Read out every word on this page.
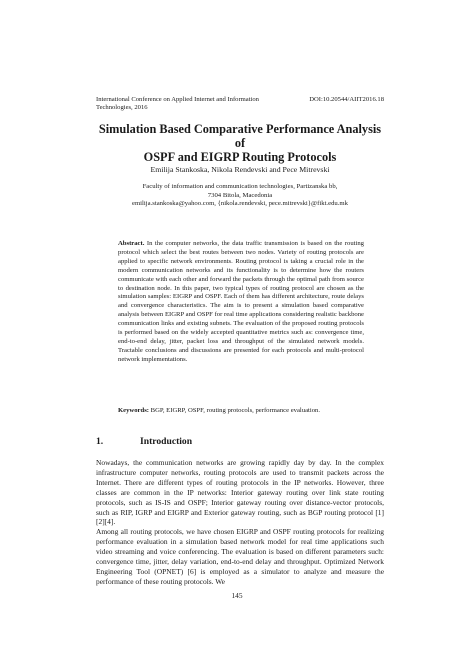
International Conference on Applied Internet and Information Technologies, 2016
DOI:10.20544/AIIT2016.18
Simulation Based Comparative Performance Analysis of
OSPF and EIGRP Routing Protocols
Emilija Stankoska, Nikola Rendevski and Pece Mitrevski
Faculty of information and communication technologies, Partizanska bb,
7304 Bitola, Macedonia
emilija.stankoska@yahoo.com, {nikola.rendevski, pece.mitrevski}@fikt.edu.mk
Abstract. In the computer networks, the data traffic transmission is based on the routing protocol which select the best routes between two nodes. Variety of routing protocols are applied to specific network environments. Routing protocol is taking a crucial role in the modern communication networks and its functionality is to determine how the routers communicate with each other and forward the packets through the optimal path from source to destination node. In this paper, two typical types of routing protocol are chosen as the simulation samples: EIGRP and OSPF. Each of them has different architecture, route delays and convergence characteristics. The aim is to present a simulation based comparative analysis between EIGRP and OSPF for real time applications considering realistic backbone communication links and existing subnets. The evaluation of the proposed routing protocols is performed based on the widely accepted quantitative metrics such as: convergence time, end-to-end delay, jitter, packet loss and throughput of the simulated network models. Tractable conclusions and discussions are presented for each protocols and multi-protocol network implementations.
Keywords: BGP, EIGRP, OSPF, routing protocols, performance evaluation.
1.	Introduction

Nowadays, the communication networks are growing rapidly day by day. In the complex infrastructure computer networks, routing protocols are used to transmit packets across the Internet. There are different types of routing protocols in the IP networks. However, three classes are common in the IP networks: Interior gateway routing over link state routing protocols, such as IS-IS and OSPF; Interior gateway routing over distance-vector protocols, such as RIP, IGRP and EIGRP and Exterior gateway routing, such as BGP routing protocol [1][2][4].

Among all routing protocols, we have chosen EIGRP and OSPF routing protocols for realizing performance evaluation in a simulation based network model for real time applications such video streaming and voice conferencing. The evaluation is based on different parameters such: convergence time, jitter, delay variation, end-to-end delay and throughput. Optimized Network Engineering Tool (OPNET) [6] is employed as a simulator to analyze and measure the performance of these routing protocols. We

145
